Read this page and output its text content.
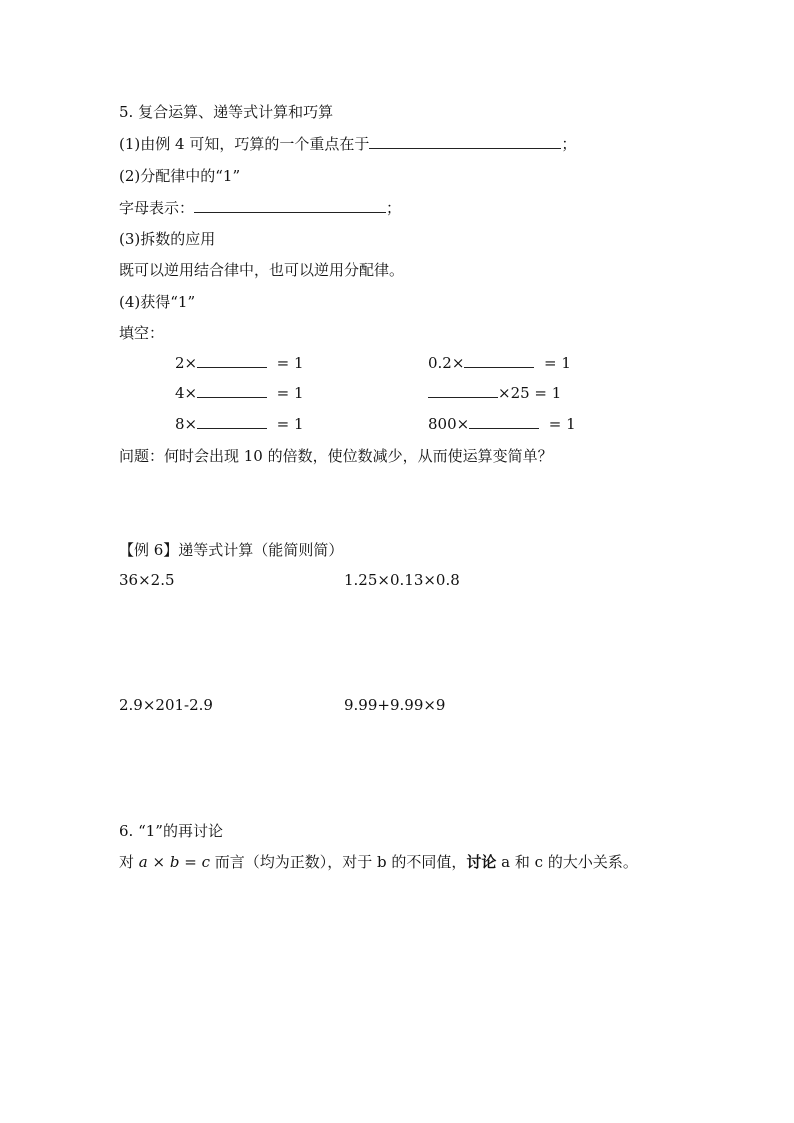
5. 复合运算、递等式计算和巧算
(1)由例 4 可知，巧算的一个重点在于	；
(2)分配律中的“1”
字母表示：	；
(3)拆数的应用
既可以逆用结合律中，也可以逆用分配律。
(4)获得“1”
填空：
2×	= 1	0.2×	= 1
4×	= 1	×25 = 1
8×	= 1	800×	= 1
问题：何时会出现 10 的倍数，使位数减少，从而使运算变简单？
【例 6】递等式计算（能简则简）
36×2.5	1.25×0.13×0.8
2.9×201-2.9	9.99+9.99×9
6. “1”的再讨论
对 a × b = c 而言（均为正数），对于 b 的不同值，讨论 a 和 c 的大小关系。
